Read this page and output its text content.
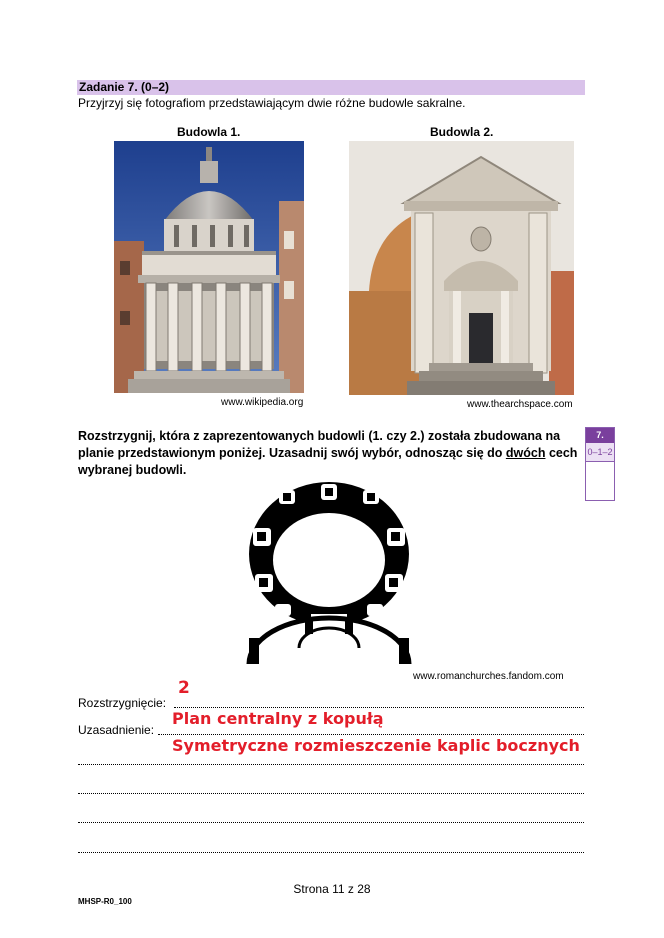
Zadanie 7. (0–2)
Przyjrzyj się fotografiom przedstawiającym dwie różne budowle sakralne.
Budowla 1.	Budowla 2.
www.wikipedia.org	www.thearchspace.com
Rozstrzygnij, która z zaprezentowanych budowli (1. czy 2.) została zbudowana na planie przedstawionym poniżej. Uzasadnij swój wybór, odnosząc się do dwóch cech wybranej budowli.
7.
0–1–2
www.romanchurches.fandom.com
2
Rozstrzygnięcie:
Plan centralny z kopułą
Uzasadnienie:
Symetryczne rozmieszczenie kaplic bocznych
Strona 11 z 28
MHSP-R0_100
